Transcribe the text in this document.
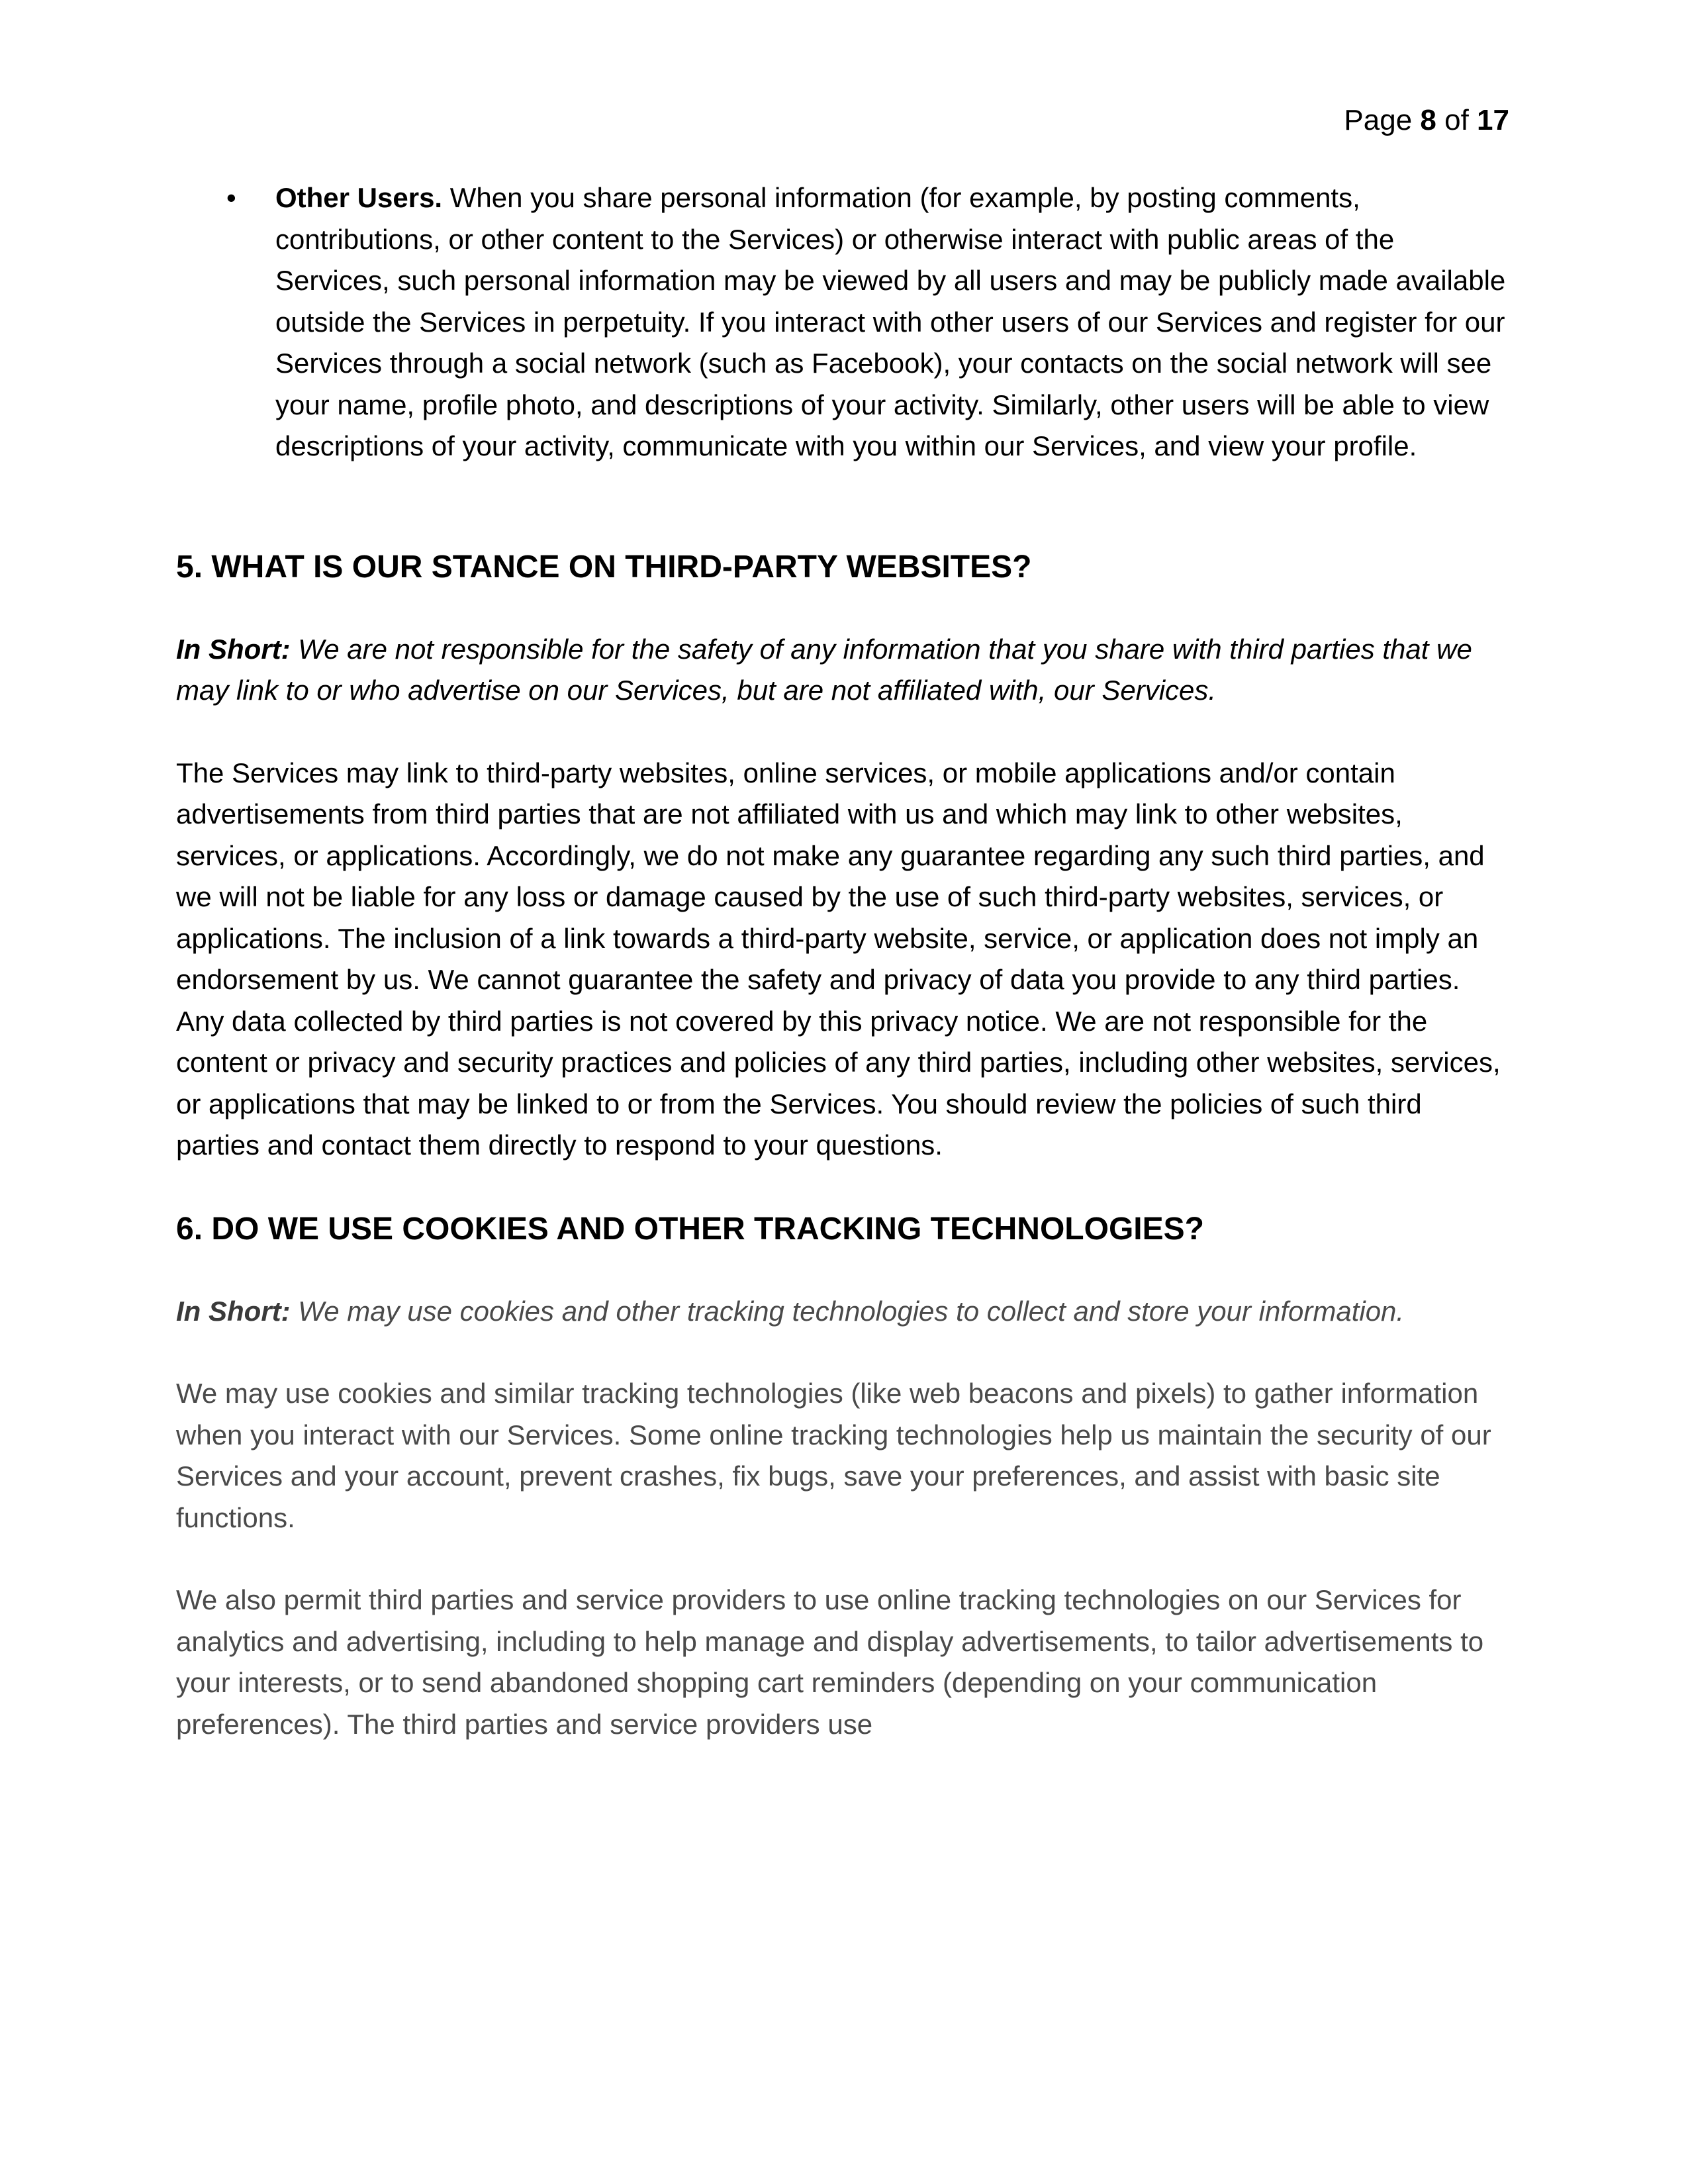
Page 8 of 17
• Other Users. When you share personal information (for example, by posting comments, contributions, or other content to the Services) or otherwise interact with public areas of the Services, such personal information may be viewed by all users and may be publicly made available outside the Services in perpetuity. If you interact with other users of our Services and register for our Services through a social network (such as Facebook), your contacts on the social network will see your name, profile photo, and descriptions of your activity. Similarly, other users will be able to view descriptions of your activity, communicate with you within our Services, and view your profile.
5. WHAT IS OUR STANCE ON THIRD-PARTY WEBSITES?

In Short: We are not responsible for the safety of any information that you share with third parties that we may link to or who advertise on our Services, but are not affiliated with, our Services.

The Services may link to third-party websites, online services, or mobile applications and/or contain advertisements from third parties that are not affiliated with us and which may link to other websites, services, or applications. Accordingly, we do not make any guarantee regarding any such third parties, and we will not be liable for any loss or damage caused by the use of such third-party websites, services, or applications. The inclusion of a link towards a third-party website, service, or application does not imply an endorsement by us. We cannot guarantee the safety and privacy of data you provide to any third parties. Any data collected by third parties is not covered by this privacy notice. We are not responsible for the content or privacy and security practices and policies of any third parties, including other websites, services, or applications that may be linked to or from the Services. You should review the policies of such third parties and contact them directly to respond to your questions.

6. DO WE USE COOKIES AND OTHER TRACKING TECHNOLOGIES?

In Short: We may use cookies and other tracking technologies to collect and store your information.

We may use cookies and similar tracking technologies (like web beacons and pixels) to gather information when you interact with our Services. Some online tracking technologies help us maintain the security of our Services and your account, prevent crashes, fix bugs, save your preferences, and assist with basic site functions.

We also permit third parties and service providers to use online tracking technologies on our Services for analytics and advertising, including to help manage and display advertisements, to tailor advertisements to your interests, or to send abandoned shopping cart reminders (depending on your communication preferences). The third parties and service providers use
